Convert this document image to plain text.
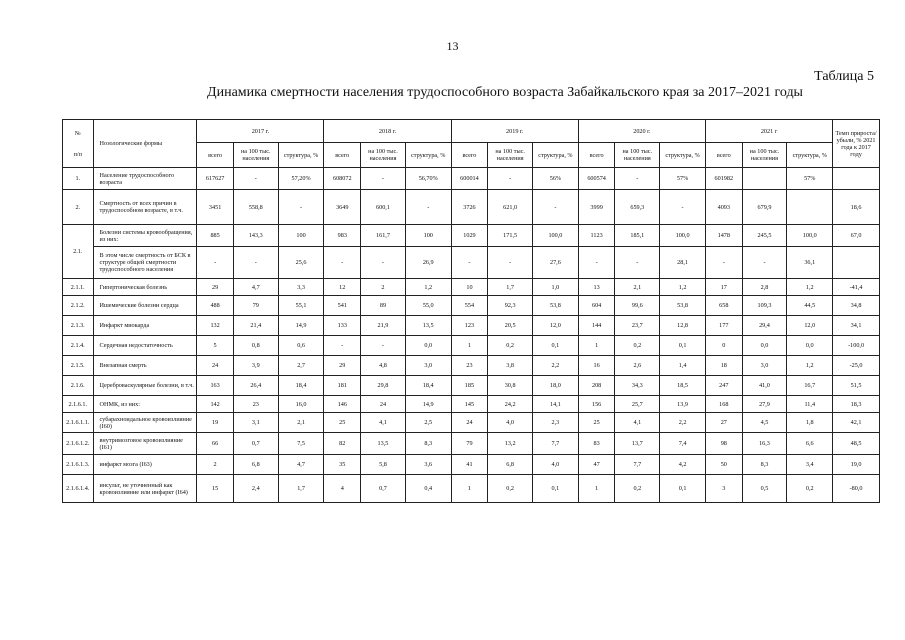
13
Таблица 5
Динамика смертности населения трудоспособного возраста Забайкальского края за 2017–2021 годы
№
п/п	Нозологические формы	2017 г.			2018 г.			2019 г.			2020 г.			2021 г			Темп прироста/ убыли, % 2021 года к 2017 году
		всего	на 100 тыс. населения	структура, %	всего	на 100 тыс. населения	структура, %	всего	на 100 тыс. населения	структура, %	всего	на 100 тыс. населения	структура, %	всего	на 100 тыс. населения	структура, %	
1.	Население трудоспособного возраста	617627	-	57,20%	608072	-	56,70%	600014	-	56%	600574	-	57%	601982		57%	
2.	Смертность от всех причин в трудоспособном возрасте, в т.ч.	3451	558,8	-	3649	600,1	-	3726	621,0	-	3999	659,3	-	4093	679,9		18,6
2.1.	Болезни системы кровообращения, из них:	885	143,3	100	983	161,7	100	1029	171,5	100,0	1123	185,1	100,0	1478	245,5	100,0	67,0
	В этом числе смертность от БСК в структуре общей смертности трудоспособного населения	-	-	25,6	-	-	26,9	-	-	27,6	-	-	28,1	-	-	36,1	
2.1.1.	Гипертоническая болезнь	29	4,7	3,3	12	2	1,2	10	1,7	1,0	13	2,1	1,2	17	2,8	1,2	-41,4
2.1.2.	Ишемические болезни сердца	488	79	55,1	541	89	55,0	554	92,3	53,8	604	99,6	53,8	658	109,3	44,5	34,8
2.1.3.	Инфаркт миокарда	132	21,4	14,9	133	21,9	13,5	123	20,5	12,0	144	23,7	12,8	177	29,4	12,0	34,1
2.1.4.	Сердечная недостаточность	5	0,8	0,6	-	-	0,0	1	0,2	0,1	1	0,2	0,1	0	0,0	0,0	-100,0
2.1.5.	Внезапная смерть	24	3,9	2,7	29	4,8	3,0	23	3,8	2,2	16	2,6	1,4	18	3,0	1,2	-25,0
2.1.6.	Цереброваскулярные болезни, в т.ч.	163	26,4	18,4	181	29,8	18,4	185	30,8	18,0	208	34,3	18,5	247	41,0	16,7	51,5
2.1.6.1.	ОНМК, из них:	142	23	16,0	146	24	14,9	145	24,2	14,1	156	25,7	13,9	168	27,9	11,4	18,3
2.1.6.1.1.	субарахноидальное кровоизлияние (I60)	19	3,1	2,1	25	4,1	2,5	24	4,0	2,3	25	4,1	2,2	27	4,5	1,8	42,1
2.1.6.1.2.	внутримозговое кровоизлияние (I61)	66	0,7	7,5	82	13,5	8,3	79	13,2	7,7	83	13,7	7,4	98	16,3	6,6	48,5
2.1.6.1.3.	инфаркт мозга (I63)	2	6,8	4,7	35	5,8	3,6	41	6,8	4,0	47	7,7	4,2	50	8,3	3,4	19,0
2.1.6.1.4.	инсульт, не уточненный как кровоизлияние или инфаркт (I64)	15	2,4	1,7	4	0,7	0,4	1	0,2	0,1	1	0,2	0,1	3	0,5	0,2	-80,0
